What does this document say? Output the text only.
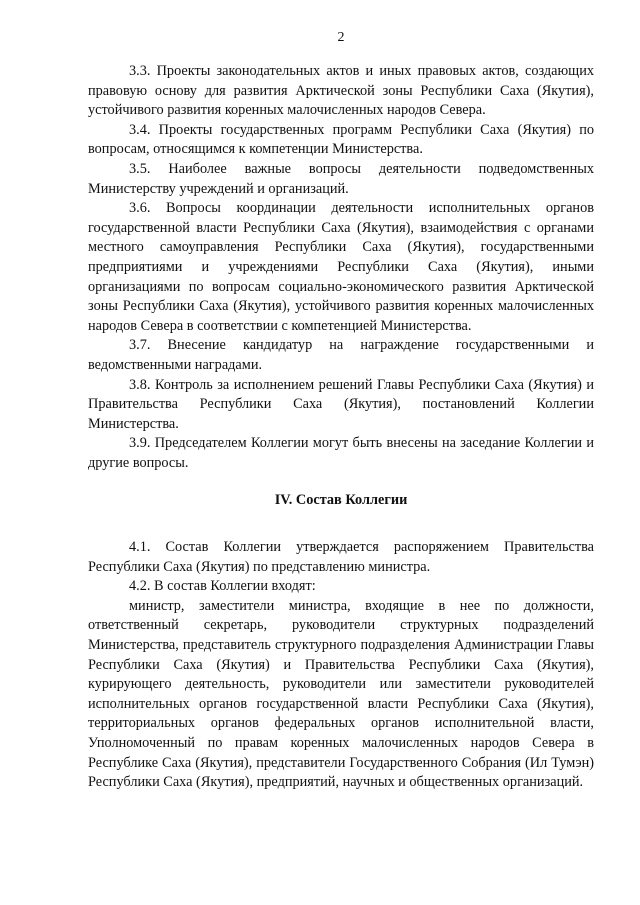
2

3.3. Проекты законодательных актов и иных правовых актов, создающих правовую основу для развития Арктической зоны Республики Саха (Якутия), устойчивого развития коренных малочисленных народов Севера.

3.4. Проекты государственных программ Республики Саха (Якутия) по вопросам, относящимся к компетенции Министерства.

3.5. Наиболее важные вопросы деятельности подведомственных Министерству учреждений и организаций.

3.6. Вопросы координации деятельности исполнительных органов государственной власти Республики Саха (Якутия), взаимодействия с органами местного самоуправления Республики Саха (Якутия), государственными предприятиями и учреждениями Республики Саха (Якутия), иными организациями по вопросам социально-экономического развития Арктической зоны Республики Саха (Якутия), устойчивого развития коренных малочисленных народов Севера в соответствии с компетенцией Министерства.

3.7. Внесение кандидатур на награждение государственными и ведомственными наградами.

3.8. Контроль за исполнением решений Главы Республики Саха (Якутия) и Правительства Республики Саха (Якутия), постановлений Коллегии Министерства.

3.9. Председателем Коллегии могут быть внесены на заседание Коллегии и другие вопросы.

IV. Состав Коллегии

4.1. Состав Коллегии утверждается распоряжением Правительства Республики Саха (Якутия) по представлению министра.

4.2. В состав Коллегии входят:

министр, заместители министра, входящие в нее по должности, ответственный секретарь, руководители структурных подразделений Министерства, представитель структурного подразделения Администрации Главы Республики Саха (Якутия) и Правительства Республики Саха (Якутия), курирующего деятельность, руководители или заместители руководителей исполнительных органов государственной власти Республики Саха (Якутия), территориальных органов федеральных органов исполнительной власти, Уполномоченный по правам коренных малочисленных народов Севера в Республике Саха (Якутия), представители Государственного Собрания (Ил Тумэн) Республики Саха (Якутия), предприятий, научных и общественных организаций.
